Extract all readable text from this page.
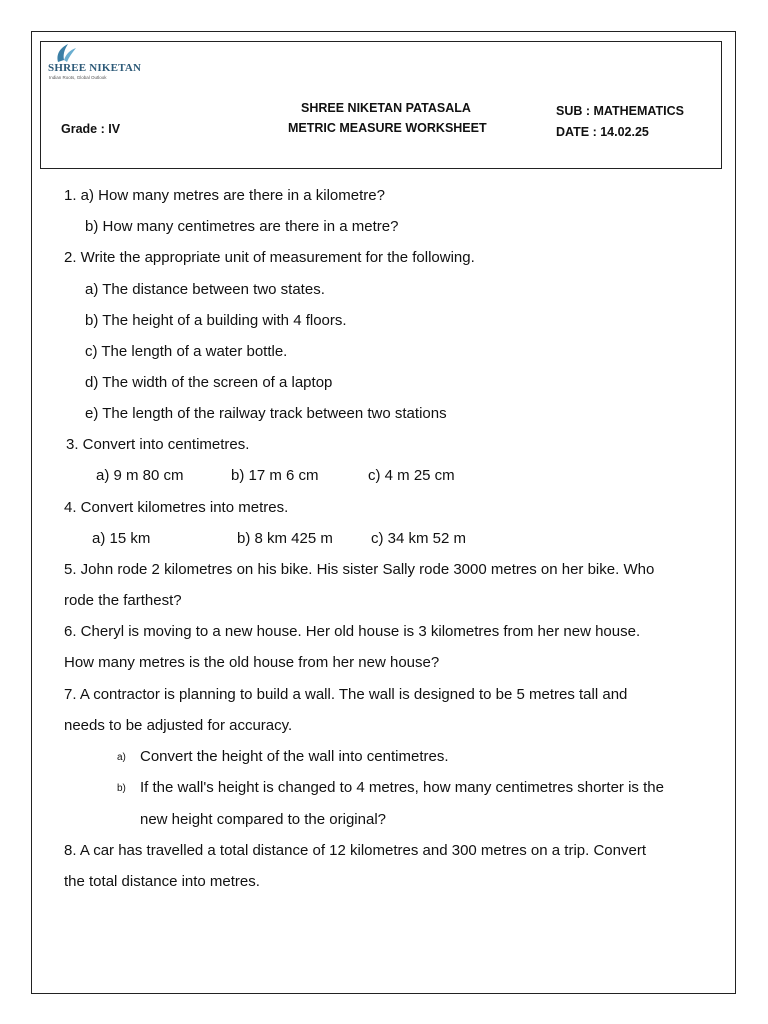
SHREE NIKETAN
Indian Roots, Global Outlook
SHREE NIKETAN PATASALA
METRIC MEASURE WORKSHEET
Grade : IV
SUB : MATHEMATICS
DATE : 14.02.25
1. a) How many metres are there in a kilometre?
b) How many centimetres are there in a metre?
2. Write the appropriate unit of measurement for the following.
a) The distance between two states.
b) The height of a building with 4 floors.
c) The length of a water bottle.
d) The width of the screen of a laptop
e) The length of the railway track between two stations
3. Convert into centimetres.
a) 9 m 80 cm	b) 17 m 6 cm	c) 4 m 25 cm
4. Convert kilometres into metres.
a) 15 km	b) 8 km 425 m	c) 34 km 52 m
5. John rode 2 kilometres on his bike. His sister Sally rode 3000 metres on her bike. Who
rode the farthest?
6. Cheryl is moving to a new house. Her old house is 3 kilometres from her new house.
How many metres is the old house from her new house?
7. A contractor is planning to build a wall. The wall is designed to be 5 metres tall and
needs to be adjusted for accuracy.
a) Convert the height of the wall into centimetres.
b) If the wall's height is changed to 4 metres, how many centimetres shorter is the
new height compared to the original?
8. A car has travelled a total distance of 12 kilometres and 300 metres on a trip. Convert
the total distance into metres.
